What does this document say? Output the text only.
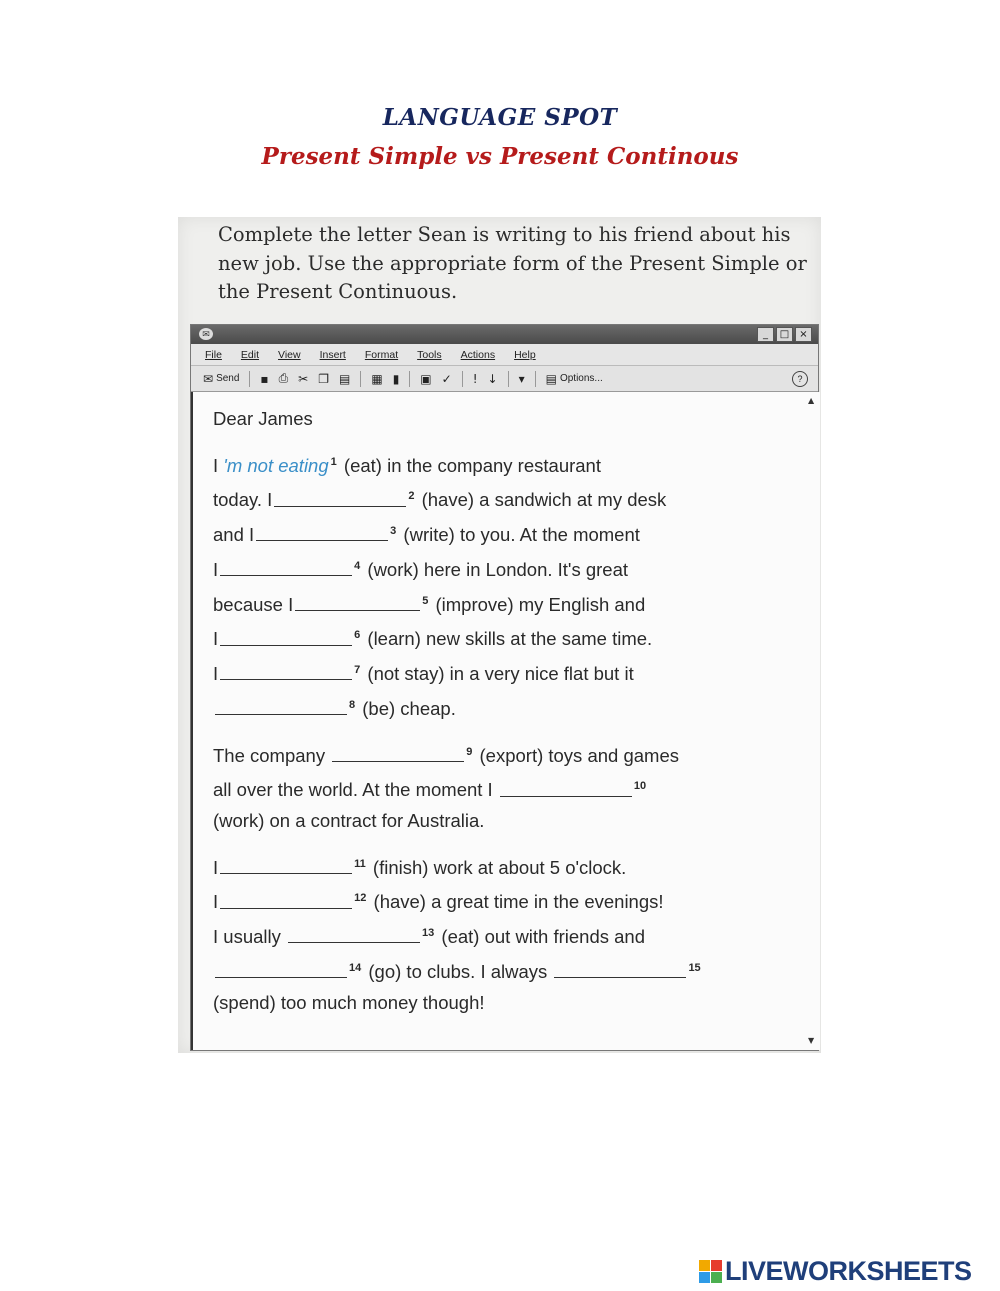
LANGUAGE SPOT
Present Simple vs Present Continous
Complete the letter Sean is writing to his friend about his new job. Use the appropriate form of the Present Simple or the Present Continuous.
✉	_	□	×
File Edit View Insert Format Tools Actions Help
✉ Send ▪ ⎙ ✂ ❐ ▤ ▦ ▮ ▣ ✓ ! ↓ ▾ ▤ Options...	?
▲
▼

Dear James

I 'm not eating $^1$ (eat) in the company restaurant

today. I	$^2$ (have) a sandwich at my desk

and I	$^3$ (write) to you. At the moment

I	$^4$ (work) here in London. It's great

because I	$^5$ (improve) my English and

I	$^6$ (learn) new skills at the same time.

I	$^7$ (not stay) in a very nice flat but it

$^8$ (be) cheap.

The company	$^9$ (export) toys and games

all over the world. At the moment I	$^{10}$

(work) on a contract for Australia.

I	$^{11}$ (finish) work at about 5 o'clock.

I	$^{12}$ (have) a great time in the evenings!

I usually	$^{13}$ (eat) out with friends and

$^{14}$ (go) to clubs. I always	$^{15}$

(spend) too much money though!

LIVEWORKSHEETS
